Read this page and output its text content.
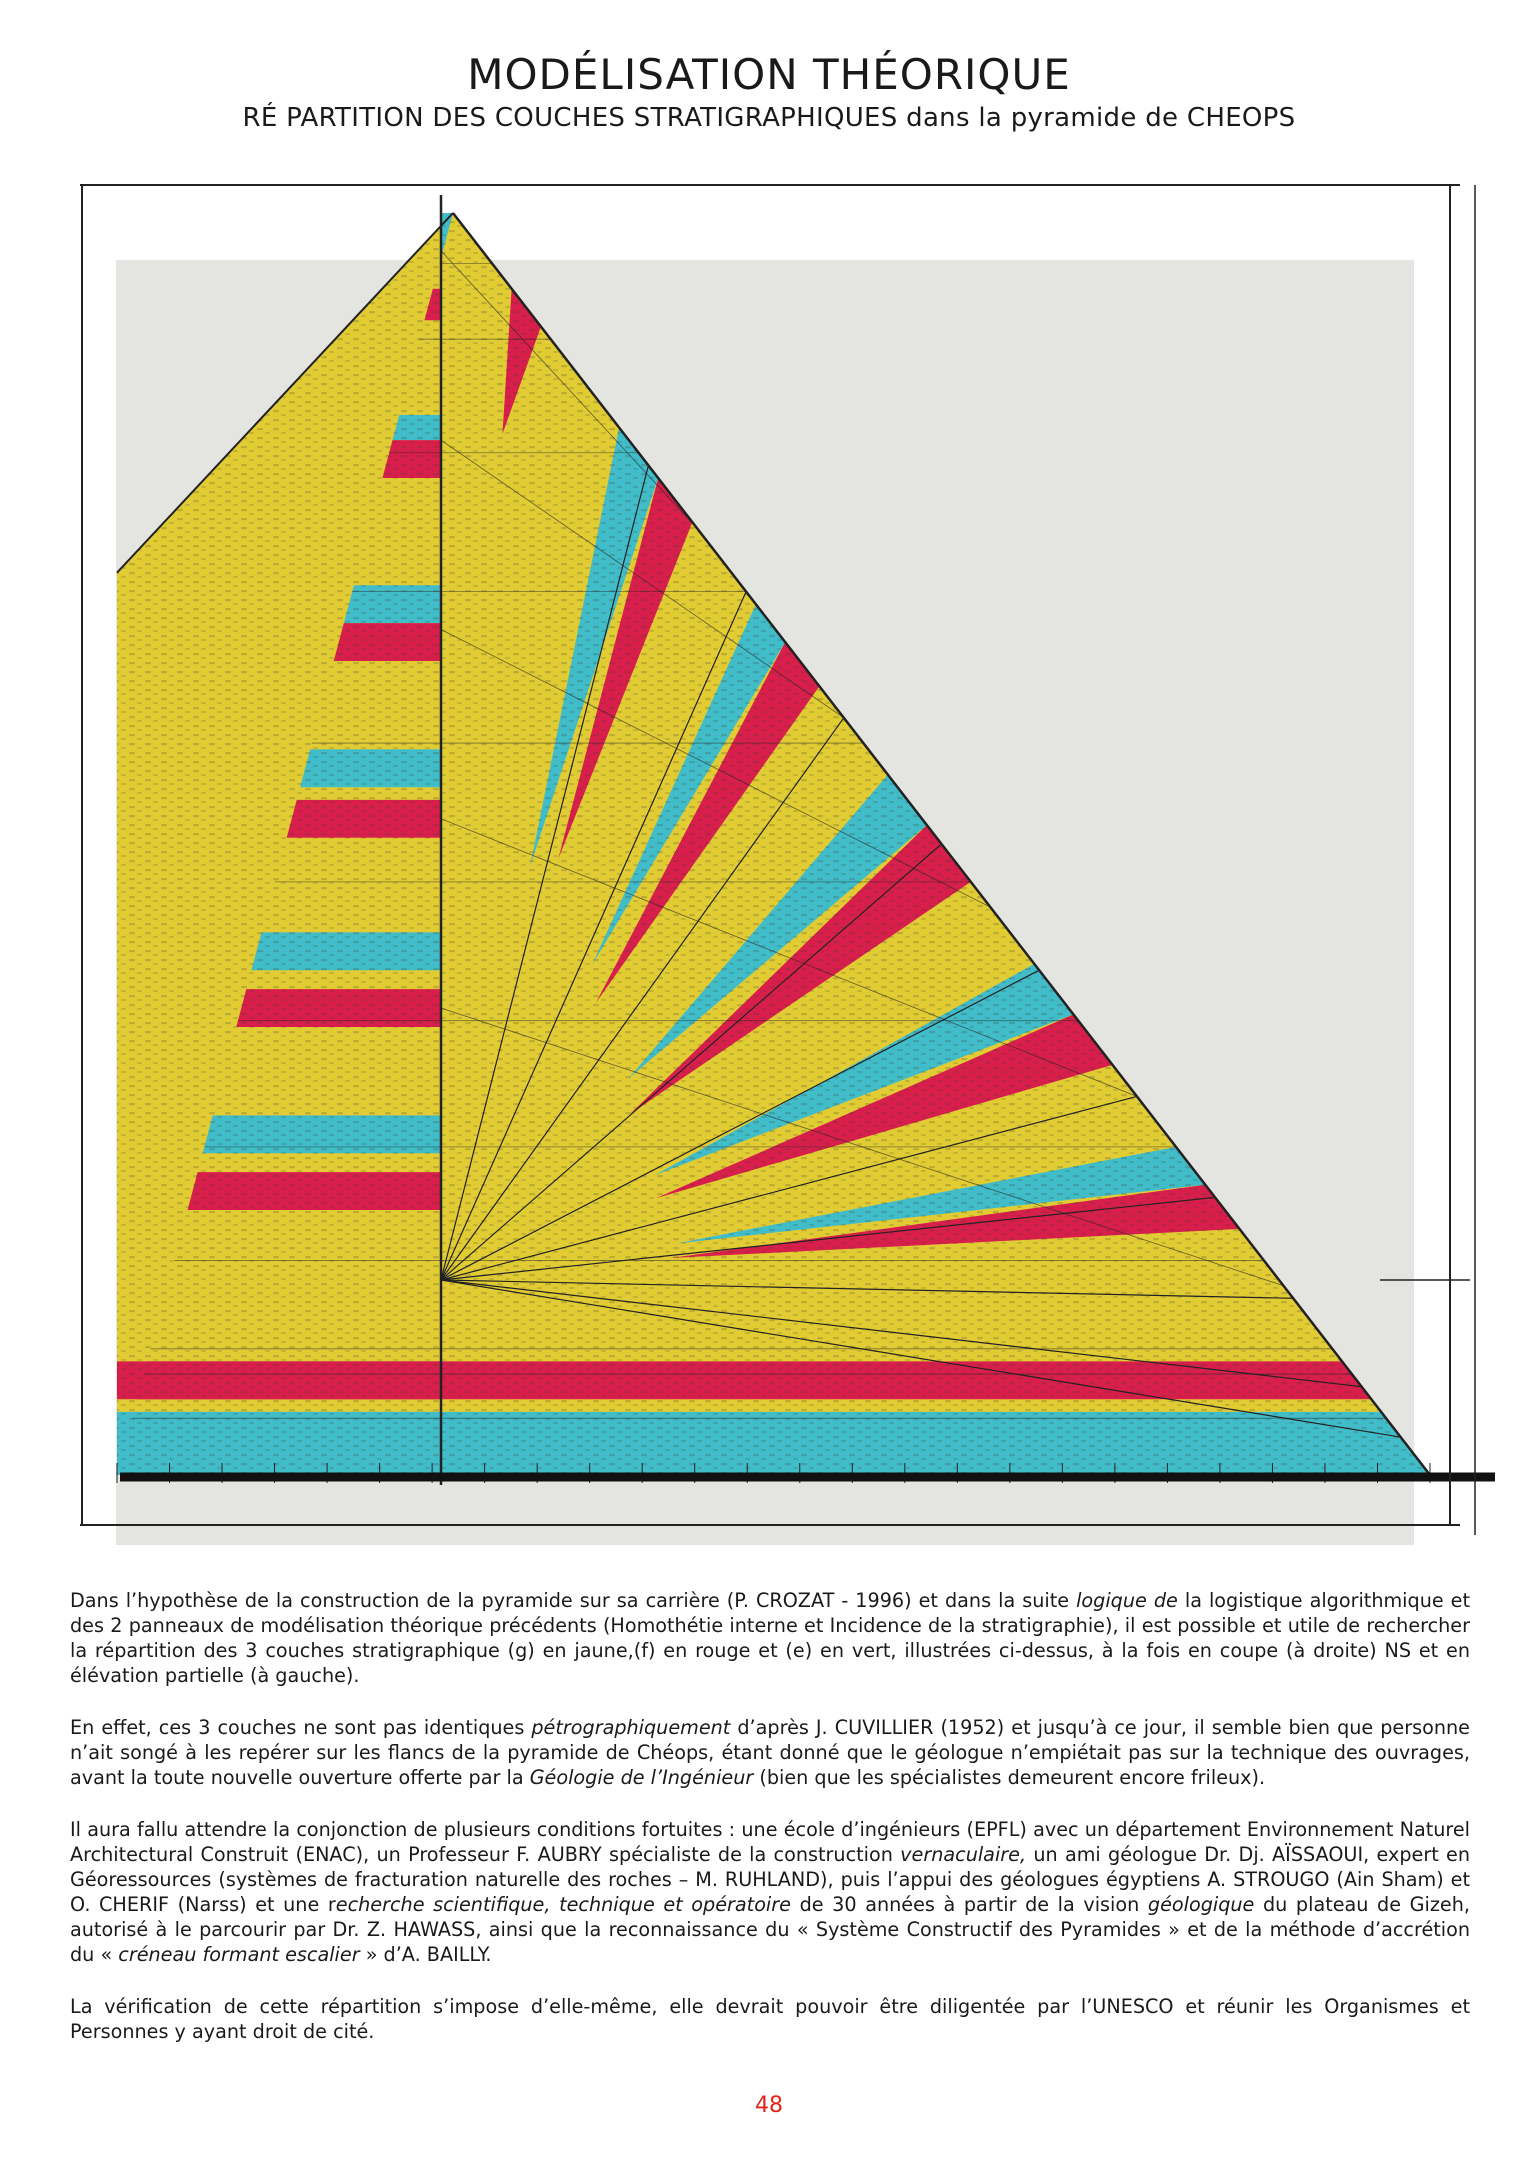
MODÉLISATION THÉORIQUE
RÉ PARTITION DES COUCHES STRATIGRAPHIQUES dans la pyramide de CHEOPS

Dans l’hypothèse de la construction de la pyramide sur sa carrière (P. CROZAT - 1996) et dans la suite logique de la logistique algorithmique et des 2 panneaux de modélisation théorique précédents (Homothétie interne et Incidence de la stratigraphie), il est possible et utile de rechercher la répartition des 3 couches stratigraphique (g) en jaune,(f) en rouge et (e) en vert, illustrées ci-dessus, à la fois en coupe (à droite) NS et en élévation partielle (à gauche).

En effet, ces 3 couches ne sont pas identiques pétrographiquement d’après J. CUVILLIER (1952) et jusqu’à ce jour, il semble bien que personne n’ait songé à les repérer sur les flancs de la pyramide de Chéops, étant donné que le géologue n’empiétait pas sur la technique des ouvrages, avant la toute nouvelle ouverture offerte par la Géologie de l’Ingénieur (bien que les spécialistes demeurent encore frileux).

Il aura fallu attendre la conjonction de plusieurs conditions fortuites : une école d’ingénieurs (EPFL) avec un département Environnement Naturel Architectural Construit (ENAC), un Professeur F. AUBRY spécialiste de la construction vernaculaire, un ami géologue Dr. Dj. AÏSSAOUI, expert en Géoressources (systèmes de fracturation naturelle des roches – M. RUHLAND), puis l’appui des géologues égyptiens A. STROUGO (Ain Sham) et O. CHERIF (Narss) et une recherche scientifique, technique et opératoire de 30 années à partir de la vision géologique du plateau de Gizeh, autorisé à le parcourir par Dr. Z. HAWASS, ainsi que la reconnaissance du « Système Constructif des Pyramides » et de la méthode d’accrétion du « créneau formant escalier » d’A. BAILLY.

La vérification de cette répartition s’impose d’elle-même, elle devrait pouvoir être diligentée par l’UNESCO et réunir les Organismes et Personnes y ayant droit de cité.

48
